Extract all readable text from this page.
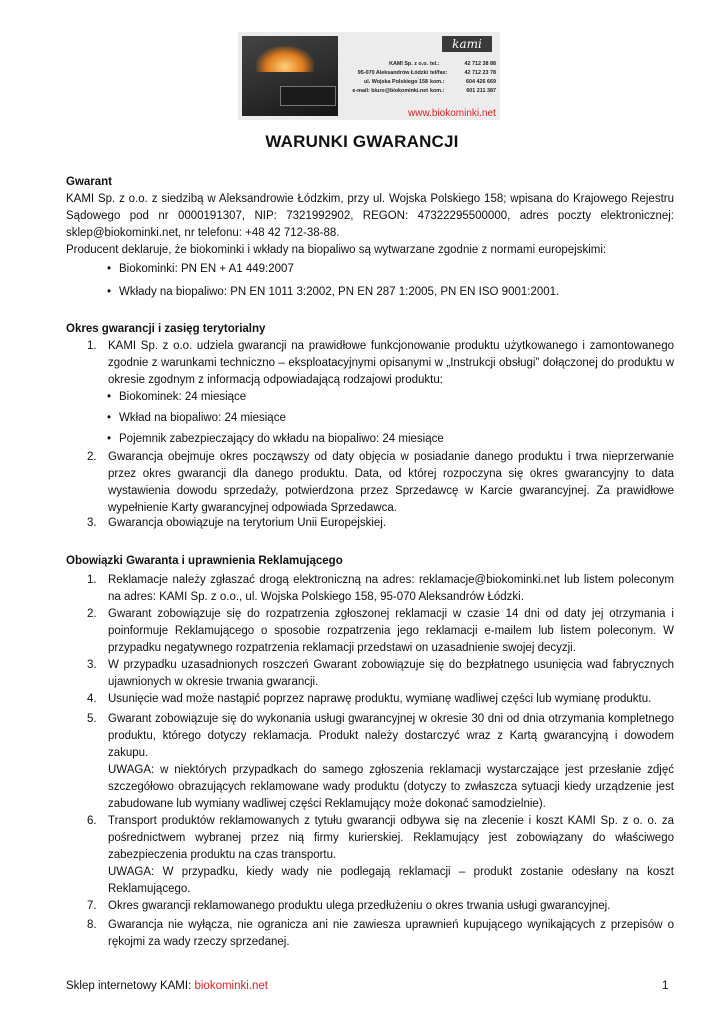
kami
KAMI Sp. z o.o.
95-070 Aleksandrów Łódzki
ul. Wojska Polskiego 158
e-mail: biuro@biokominki.net
tel.:	42 712 38 88
tel/fax:	42 712 23 78
kom.:	604 426 669
kom.:	601 211 387
www.biokominki.net
WARUNKI GWARANCJI
Gwarant
KAMI Sp. z o.o. z siedzibą w Aleksandrowie Łódzkim, przy ul. Wojska Polskiego 158; wpisana do Krajowego Rejestru Sądowego pod nr 0000191307, NIP: 7321992902, REGON: 47322295500000, adres poczty elektronicznej: sklep@biokominki.net, nr telefonu: +48 42 712-38-88.
Producent deklaruje, że biokominki i wkłady na biopaliwo są wytwarzane zgodnie z normami europejskimi:
• Biokominki: PN EN + A1 449:2007
• Wkłady na biopaliwo: PN EN 1011 3:2002, PN EN 287 1:2005, PN EN ISO 9001:2001.
Okres gwarancji i zasięg terytorialny
1. KAMI Sp. z o.o. udziela gwarancji na prawidłowe funkcjonowanie produktu użytkowanego i zamontowanego zgodnie z warunkami techniczno – eksploatacyjnymi opisanymi w „Instrukcji obsługi” dołączonej do produktu w okresie zgodnym z informacją odpowiadającą rodzajowi produktu:
• Biokominek: 24 miesiące
• Wkład na biopaliwo: 24 miesiące
• Pojemnik zabezpieczający do wkładu na biopaliwo: 24 miesiące
2. Gwarancja obejmuje okres począwszy od daty objęcia w posiadanie danego produktu i trwa nieprzerwanie przez okres gwarancji dla danego produktu. Data, od której rozpoczyna się okres gwarancyjny to data wystawienia dowodu sprzedaży, potwierdzona przez Sprzedawcę w Karcie gwarancyjnej. Za prawidłowe wypełnienie Karty gwarancyjnej odpowiada Sprzedawca.
3. Gwarancja obowiązuje na terytorium Unii Europejskiej.
Obowiązki Gwaranta i uprawnienia Reklamującego
1. Reklamacje należy zgłaszać drogą elektroniczną na adres: reklamacje@biokominki.net lub listem poleconym na adres: KAMI Sp. z o.o., ul. Wojska Polskiego 158, 95-070 Aleksandrów Łódzki.
2. Gwarant zobowiązuje się do rozpatrzenia zgłoszonej reklamacji w czasie 14 dni od daty jej otrzymania i poinformuje Reklamującego o sposobie rozpatrzenia jego reklamacji e-mailem lub listem poleconym. W przypadku negatywnego rozpatrzenia reklamacji przedstawi on uzasadnienie swojej decyzji.
3. W przypadku uzasadnionych roszczeń Gwarant zobowiązuje się do bezpłatnego usunięcia wad fabrycznych ujawnionych w okresie trwania gwarancji.
4. Usunięcie wad może nastąpić poprzez naprawę produktu, wymianę wadliwej części lub wymianę produktu.
5. Gwarant zobowiązuje się do wykonania usługi gwarancyjnej w okresie 30 dni od dnia otrzymania kompletnego produktu, którego dotyczy reklamacja. Produkt należy dostarczyć wraz z Kartą gwarancyjną i dowodem zakupu.
UWAGA: w niektórych przypadkach do samego zgłoszenia reklamacji wystarczające jest przesłanie zdjęć szczegółowo obrazujących reklamowane wady produktu (dotyczy to zwłaszcza sytuacji kiedy urządzenie jest zabudowane lub wymiany wadliwej części Reklamujący może dokonać samodzielnie).
6. Transport produktów reklamowanych z tytułu gwarancji odbywa się na zlecenie i koszt KAMI Sp. z o. o. za pośrednictwem wybranej przez nią firmy kurierskiej. Reklamujący jest zobowiązany do właściwego zabezpieczenia produktu na czas transportu.
UWAGA: W przypadku, kiedy wady nie podlegają reklamacji – produkt zostanie odesłany na koszt Reklamującego.
7. Okres gwarancji reklamowanego produktu ulega przedłużeniu o okres trwania usługi gwarancyjnej.
8. Gwarancja nie wyłącza, nie ogranicza ani nie zawiesza uprawnień kupującego wynikających z przepisów o rękojmi za wady rzeczy sprzedanej.
Sklep internetowy KAMI: biokominki.net	1
